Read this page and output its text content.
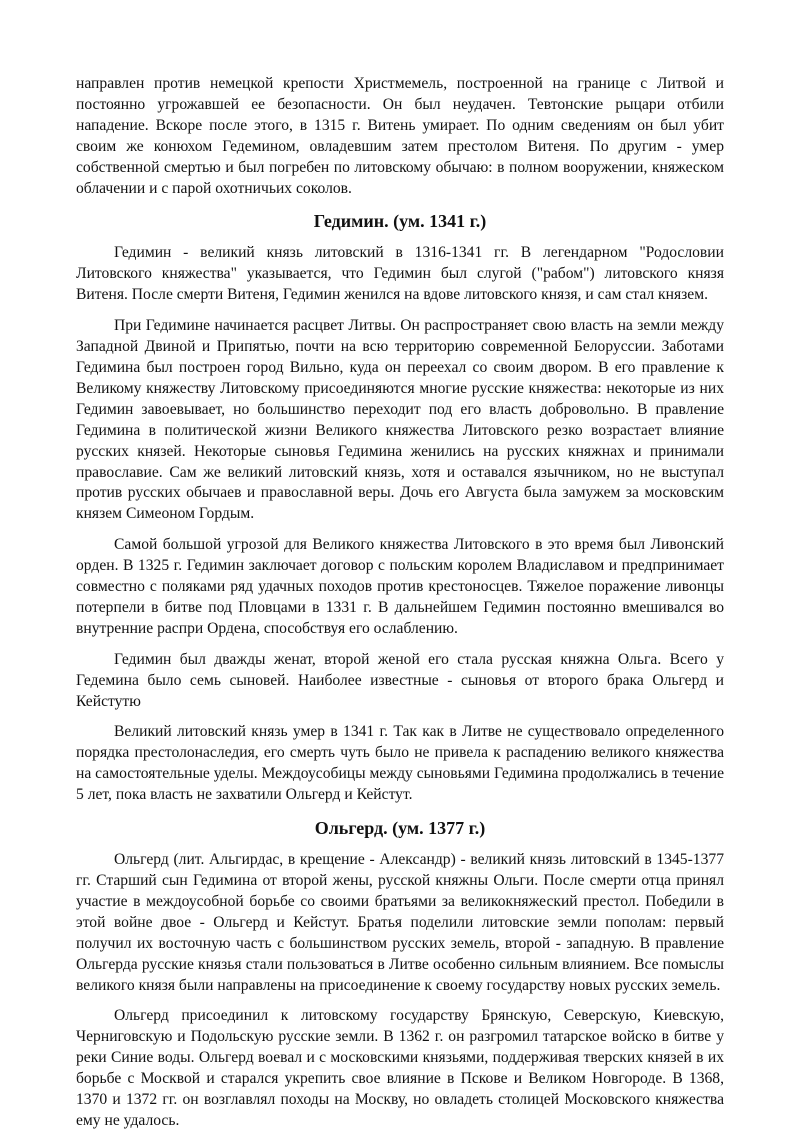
направлен против немецкой крепости Христмемель, построенной на границе с Литвой и постоянно угрожавшей ее безопасности. Он был неудачен. Тевтонские рыцари отбили нападение. Вскоре после этого, в 1315 г. Витень умирает. По одним сведениям он был убит своим же конюхом Гедемином, овладевшим затем престолом Витеня. По другим - умер собственной смертью и был погребен по литовскому обычаю: в полном вооружении, княжеском облачении и с парой охотничьих соколов.

Гедимин. (ум. 1341 г.)

Гедимин - великий князь литовский в 1316-1341 гг. В легендарном "Родословии Литовского княжества" указывается, что Гедимин был слугой ("рабом") литовского князя Витеня. После смерти Витеня, Гедимин женился на вдове литовского князя, и сам стал князем.

При Гедимине начинается расцвет Литвы. Он распространяет свою власть на земли между Западной Двиной и Припятью, почти на всю территорию современной Белоруссии. Заботами Гедимина был построен город Вильно, куда он переехал со своим двором. В его правление к Великому княжеству Литовскому присоединяются многие русские княжества: некоторые из них Гедимин завоевывает, но большинство переходит под его власть добровольно. В правление Гедимина в политической жизни Великого княжества Литовского резко возрастает влияние русских князей. Некоторые сыновья Гедимина женились на русских княжнах и принимали православие. Сам же великий литовский князь, хотя и оставался язычником, но не выступал против русских обычаев и православной веры. Дочь его Августа была замужем за московским князем Симеоном Гордым.

Самой большой угрозой для Великого княжества Литовского в это время был Ливонский орден. В 1325 г. Гедимин заключает договор с польским королем Владиславом и предпринимает совместно с поляками ряд удачных походов против крестоносцев. Тяжелое поражение ливонцы потерпели в битве под Пловцами в 1331 г. В дальнейшем Гедимин постоянно вмешивался во внутренние распри Ордена, способствуя его ослаблению.

Гедимин был дважды женат, второй женой его стала русская княжна Ольга. Всего у Гедемина было семь сыновей. Наиболее известные - сыновья от второго брака Ольгерд и Кейстутю

Великий литовский князь умер в 1341 г. Так как в Литве не существовало определенного порядка престолонаследия, его смерть чуть было не привела к распадению великого княжества на самостоятельные уделы. Междоусобицы между сыновьями Гедимина продолжались в течение 5 лет, пока власть не захватили Ольгерд и Кейстут.

Ольгерд. (ум. 1377 г.)

Ольгерд (лит. Альгирдас, в крещение - Александр) - великий князь литовский в 1345-1377 гг. Старший сын Гедимина от второй жены, русской княжны Ольги. После смерти отца принял участие в междоусобной борьбе со своими братьями за великокняжеский престол. Победили в этой войне двое - Ольгерд и Кейстут. Братья поделили литовские земли пополам: первый получил их восточную часть с большинством русских земель, второй - западную. В правление Ольгерда русские князья стали пользоваться в Литве особенно сильным влиянием. Все помыслы великого князя были направлены на присоединение к своему государству новых русских земель.

Ольгерд присоединил к литовскому государству Брянскую, Северскую, Киевскую, Черниговскую и Подольскую русские земли. В 1362 г. он разгромил татарское войско в битве у реки Синие воды. Ольгерд воевал и с московскими князьями, поддерживая тверских князей в их борьбе с Москвой и старался укрепить свое влияние в Пскове и Великом Новгороде. В 1368, 1370 и 1372 гг. он возглавлял походы на Москву, но овладеть столицей Московского княжества ему не удалось.
